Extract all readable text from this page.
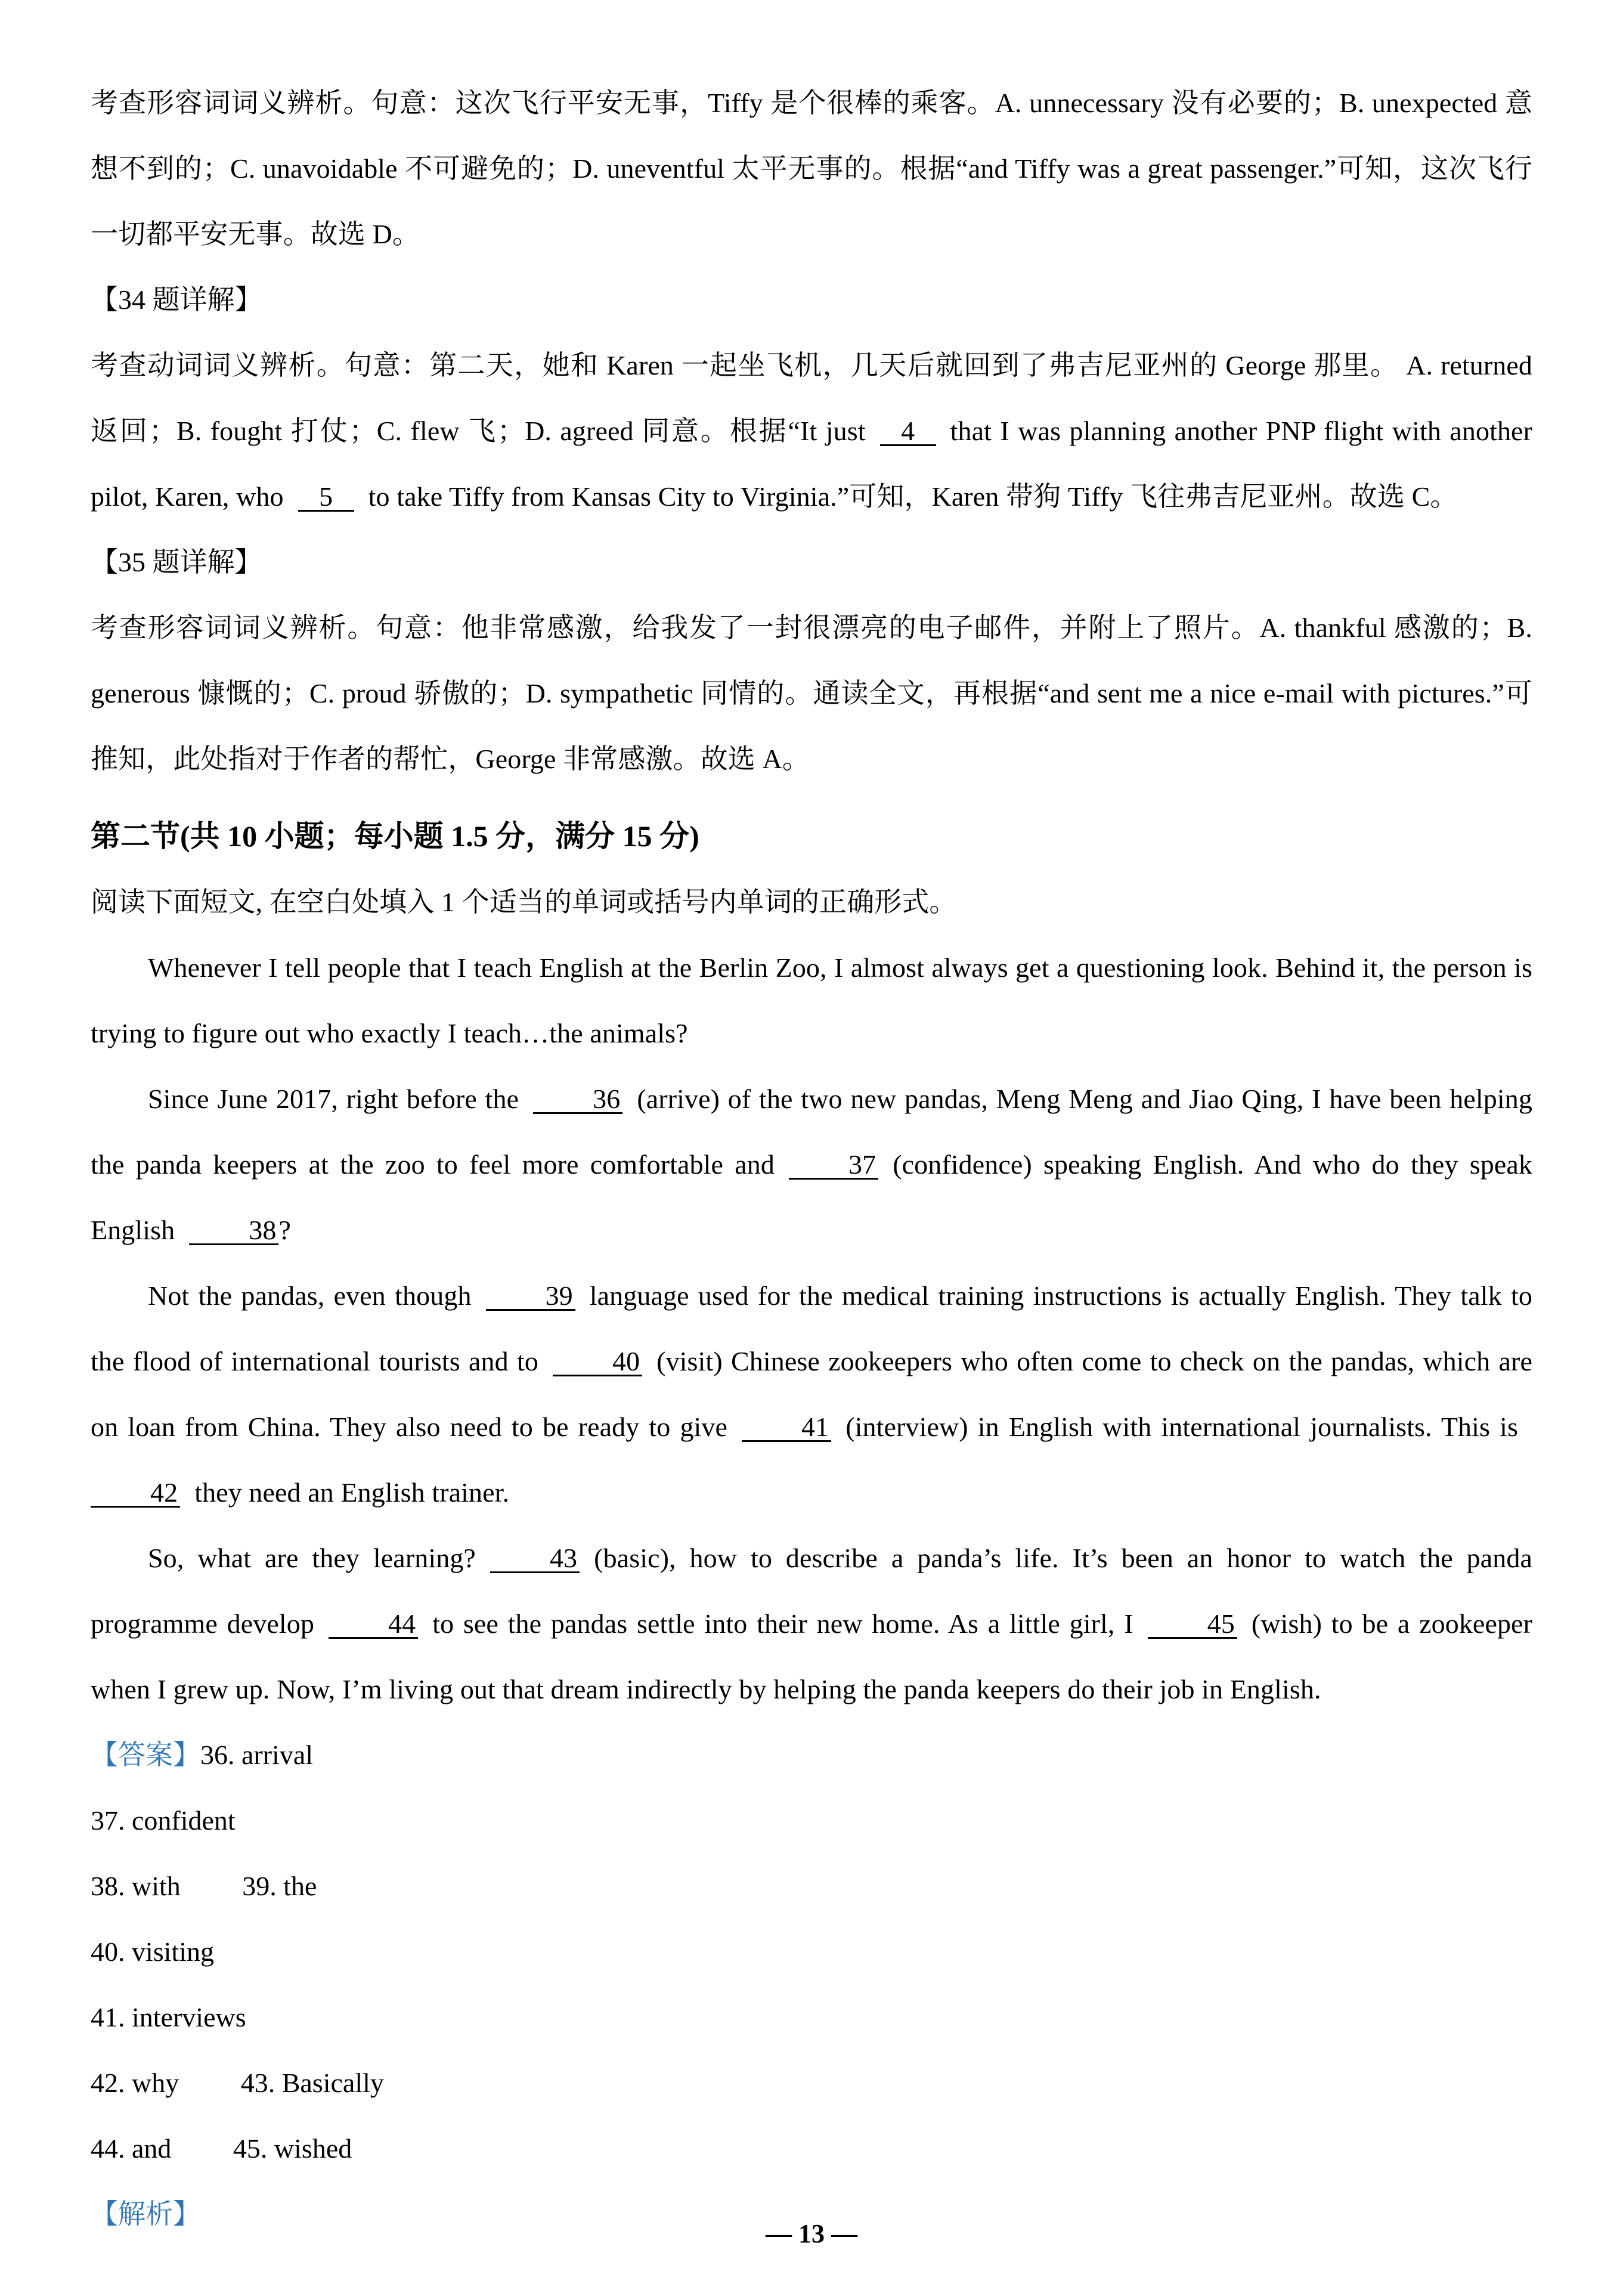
考查形容词词义辨析。句意：这次飞行平安无事，Tiffy 是个很棒的乘客。A. unnecessary 没有必要的；B. unexpected 意想不到的；C. unavoidable 不可避免的；D. uneventful 太平无事的。根据“and Tiffy was a great passenger.”可知，这次飞行一切都平安无事。故选 D。

【34 题详解】

考查动词词义辨析。句意：第二天，她和 Karen 一起坐飞机，几天后就回到了弗吉尼亚州的 George 那里。 A. returned 返回；B. fought 打仗；C. flew 飞；D. agreed 同意。根据“It just 4 that I was planning another PNP flight with another pilot, Karen, who 5 to take Tiffy from Kansas City to Virginia.”可知，Karen 带狗 Tiffy 飞往弗吉尼亚州。故选 C。

【35 题详解】

考查形容词词义辨析。句意：他非常感激，给我发了一封很漂亮的电子邮件，并附上了照片。A. thankful 感激的；B. generous 慷慨的；C. proud 骄傲的；D. sympathetic 同情的。通读全文，再根据“and sent me a nice e-mail with pictures.”可推知，此处指对于作者的帮忙，George 非常感激。故选 A。

第二节(共 10 小题；每小题 1.5 分，满分 15 分)

阅读下面短文, 在空白处填入 1 个适当的单词或括号内单词的正确形式。

Whenever I tell people that I teach English at the Berlin Zoo, I almost always get a questioning look. Behind it, the person is trying to figure out who exactly I teach…the animals?

Since June 2017, right before the	36 (arrive) of the two new pandas, Meng Meng and Jiao Qing, I have been helping the panda keepers at the zoo to feel more comfortable and	37 (confidence) speaking English. And who do they speak English	38?

Not the pandas, even though	39 language used for the medical training instructions is actually English. They talk to the flood of international tourists and to	40 (visit) Chinese zookeepers who often come to check on the pandas, which are on loan from China. They also need to be ready to give	41 (interview) in English with international journalists. This is42 they need an English trainer.

So, what are they learning?	43 (basic), how to describe a panda’s life. It’s been an honor to watch the panda programme develop	44 to see the pandas settle into their new home. As a little girl, I	45 (wish) to be a zookeeper when I grew up. Now, I’m living out that dream indirectly by helping the panda keepers do their job in English.

【答案】36. arrival

37. confident

38. with   39. the

40. visiting

41. interviews

42. why   43. Basically

44. and   45. wished

【解析】

— 13 —
